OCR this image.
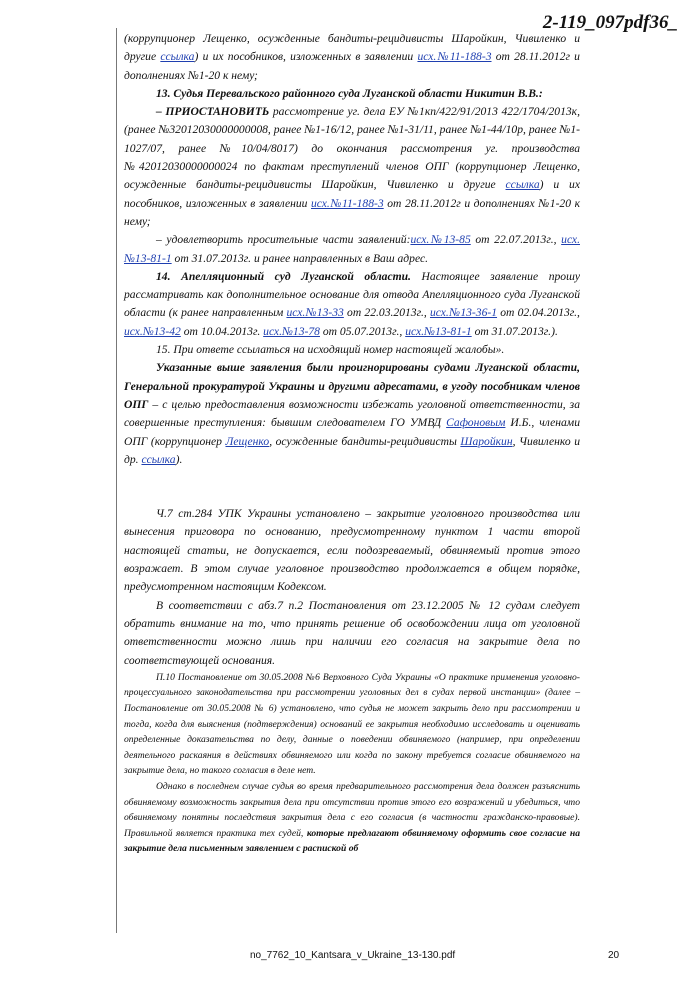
2-119_097pdf36_

(коррупционер Лещенко, осужденные бандиты-рецидивисты Шаройкин, Чивиленко и другие ссылка) и их пособников, изложенных в заявлении исх.№11-188-3 от 28.11.2012г и дополнениях №1-20 к нему;

13. Судья Перевальского районного суда Луганской области Никитин В.В.:

– ПРИОСТАНОВИТЬ рассмотрение уг. дела ЕУ №1кп/422/91/2013 422/1704/2013к, (ранее №32012030000000008, ранее №1-16/12, ранее №1-31/11, ранее №1-44/10р, ранее №1-1027/07, ранее №10/04/8017) до окончания рассмотрения уг. производства №42012030000000024 по фактам преступлений членов ОПГ (коррупционер Лещенко, осужденные бандиты-рецидивисты Шаройкин, Чивиленко и другие ссылка) и их пособников, изложенных в заявлении исх.№11-188-3 от 28.11.2012г и дополнениях №1-20 к нему;

– удовлетворить просительные части заявлений:исх.№13-85 от 22.07.2013г., исх.№13-81-1 от 31.07.2013г. и ранее направленных в Ваш адрес.

14. Апелляционный суд Луганской области. Настоящее заявление прошу рассматривать как дополнительное основание для отвода Апелляционного суда Луганской области (к ранее направленным исх.№13-33 от 22.03.2013г., исх.№13-36-1 от 02.04.2013г., исх.№13-42 от 10.04.2013г. исх.№13-78 от 05.07.2013г., исх.№13-81-1 от 31.07.2013г.).

15. При ответе ссылаться на исходящий номер настоящей жалобы».

Указанные выше заявления были проигнорированы судами Луганской области, Генеральной прокуратурой Украины и другими адресатами, в угоду пособникам членов ОПГ – с целью предоставления возможности избежать уголовной ответственности, за совершенные преступления: бывшим следователем ГО УМВД Сафоновым И.Б., членами ОПГ (коррупционер Лещенко, осужденные бандиты-рецидивисты Шаройкин, Чивиленко и др. ссылка).

Ч.7 ст.284 УПК Украины установлено – закрытие уголовного производства или вынесения приговора по основанию, предусмотренному пунктом 1 части второй настоящей статьи, не допускается, если подозреваемый, обвиняемый против этого возражает. В этом случае уголовное производство продолжается в общем порядке, предусмотренном настоящим Кодексом.

В соответствии с абз.7 п.2 Постановления от 23.12.2005 № 12 судам следует обратить внимание на то, что принять решение об освобождении лица от уголовной ответственности можно лишь при наличии его согласия на закрытие дела по соответствующей основания.

П.10 Постановление от 30.05.2008 №6 Верховного Суда Украины «О практике применения уголовно-процессуального законодательства при рассмотрении уголовных дел в судах первой инстанции» (далее – Постановление от 30.05.2008 № 6) установлено, что судья не может закрыть дело при рассмотрении и тогда, когда для выяснения (подтверждения) оснований ее закрытия необходимо исследовать и оценивать определенные доказательства по делу, данные о поведении обвиняемого (например, при определении деятельного раскаяния в действиях обвиняемого или когда по закону требуется согласие обвиняемого на закрытие дела, но такого согласия в деле нет.

Однако в последнем случае судья во время предварительного рассмотрения дела должен разъяснить обвиняемому возможность закрытия дела при отсутствии против этого его возражений и убедиться, что обвиняемому понятны последствия закрытия дела с его согласия (в частности гражданско-правовые). Правильной является практика тех судей, которые предлагают обвиняемому оформить свое согласие на закрытие дела письменным заявлением с распиской об

no_7762_10_Kantsara_v_Ukraine_13-130.pdf	20
